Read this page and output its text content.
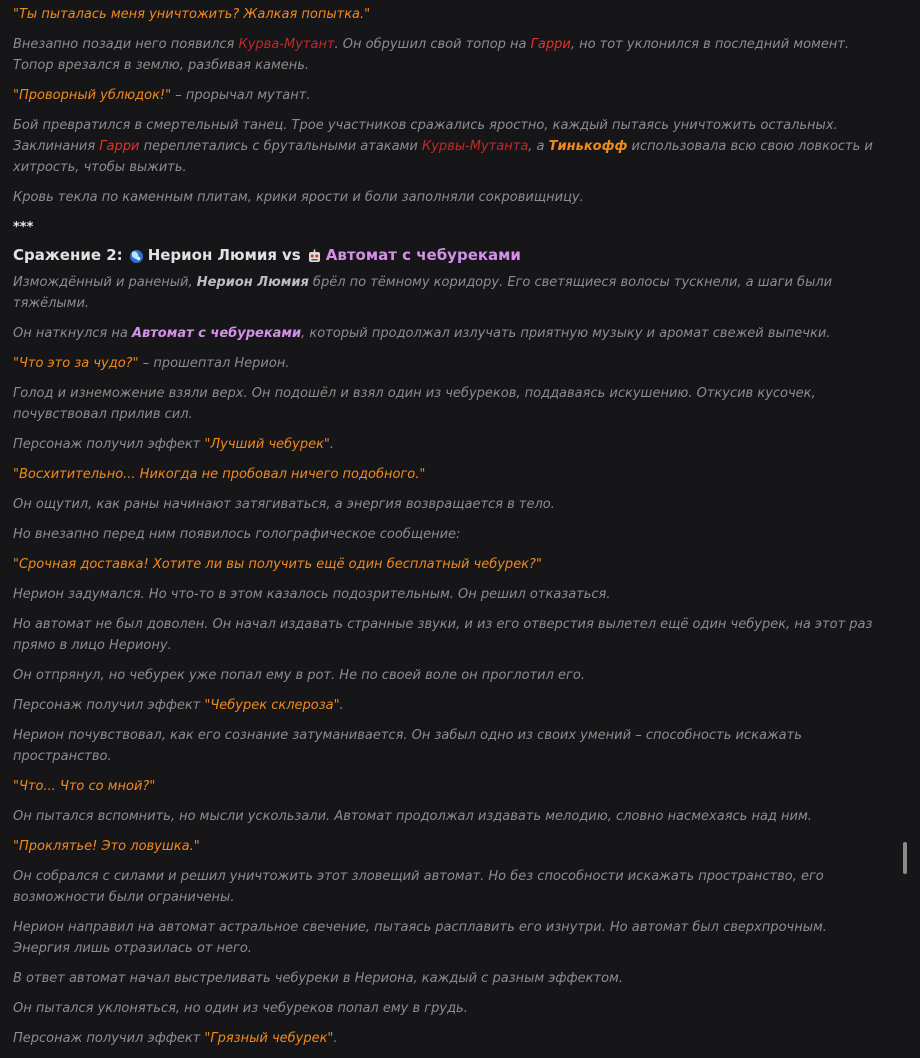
"Ты пыталась меня уничтожить? Жалкая попытка."

Внезапно позади него появился Курва-Мутант. Он обрушил свой топор на Гарри, но тот уклонился в последний момент. Топор врезался в землю, разбивая камень.

"Проворный ублюдок!" – прорычал мутант.

Бой превратился в смертельный танец. Трое участников сражались яростно, каждый пытаясь уничтожить остальных. Заклинания Гарри переплетались с брутальными атаками Курвы-Мутанта, а Тинькофф использовала всю свою ловкость и хитрость, чтобы выжить.

Кровь текла по каменным плитам, крики ярости и боли заполняли сокровищницу.

***
Сражение 2: Нерион Люмия vs Автомат с чебуреками

Измождённый и раненый, Нерион Люмия брёл по тёмному коридору. Его светящиеся волосы тускнели, а шаги были тяжёлыми.

Он наткнулся на Автомат с чебуреками, который продолжал излучать приятную музыку и аромат свежей выпечки.

"Что это за чудо?" – прошептал Нерион.

Голод и изнеможение взяли верх. Он подошёл и взял один из чебуреков, поддаваясь искушению. Откусив кусочек, почувствовал прилив сил.

Персонаж получил эффект "Лучший чебурек".

"Восхитительно... Никогда не пробовал ничего подобного."

Он ощутил, как раны начинают затягиваться, а энергия возвращается в тело.

Но внезапно перед ним появилось голографическое сообщение:

"Срочная доставка! Хотите ли вы получить ещё один бесплатный чебурек?"

Нерион задумался. Но что-то в этом казалось подозрительным. Он решил отказаться.

Но автомат не был доволен. Он начал издавать странные звуки, и из его отверстия вылетел ещё один чебурек, на этот раз прямо в лицо Нериону.

Он отпрянул, но чебурек уже попал ему в рот. Не по своей воле он проглотил его.

Персонаж получил эффект "Чебурек склероза".

Нерион почувствовал, как его сознание затуманивается. Он забыл одно из своих умений – способность искажать пространство.

"Что... Что со мной?"

Он пытался вспомнить, но мысли ускользали. Автомат продолжал издавать мелодию, словно насмехаясь над ним.

"Проклятье! Это ловушка."

Он собрался с силами и решил уничтожить этот зловещий автомат. Но без способности искажать пространство, его возможности были ограничены.

Нерион направил на автомат астральное свечение, пытаясь расплавить его изнутри. Но автомат был сверхпрочным. Энергия лишь отразилась от него.

В ответ автомат начал выстреливать чебуреки в Нериона, каждый с разным эффектом.

Он пытался уклоняться, но один из чебуреков попал ему в грудь.

Персонаж получил эффект "Грязный чебурек".
